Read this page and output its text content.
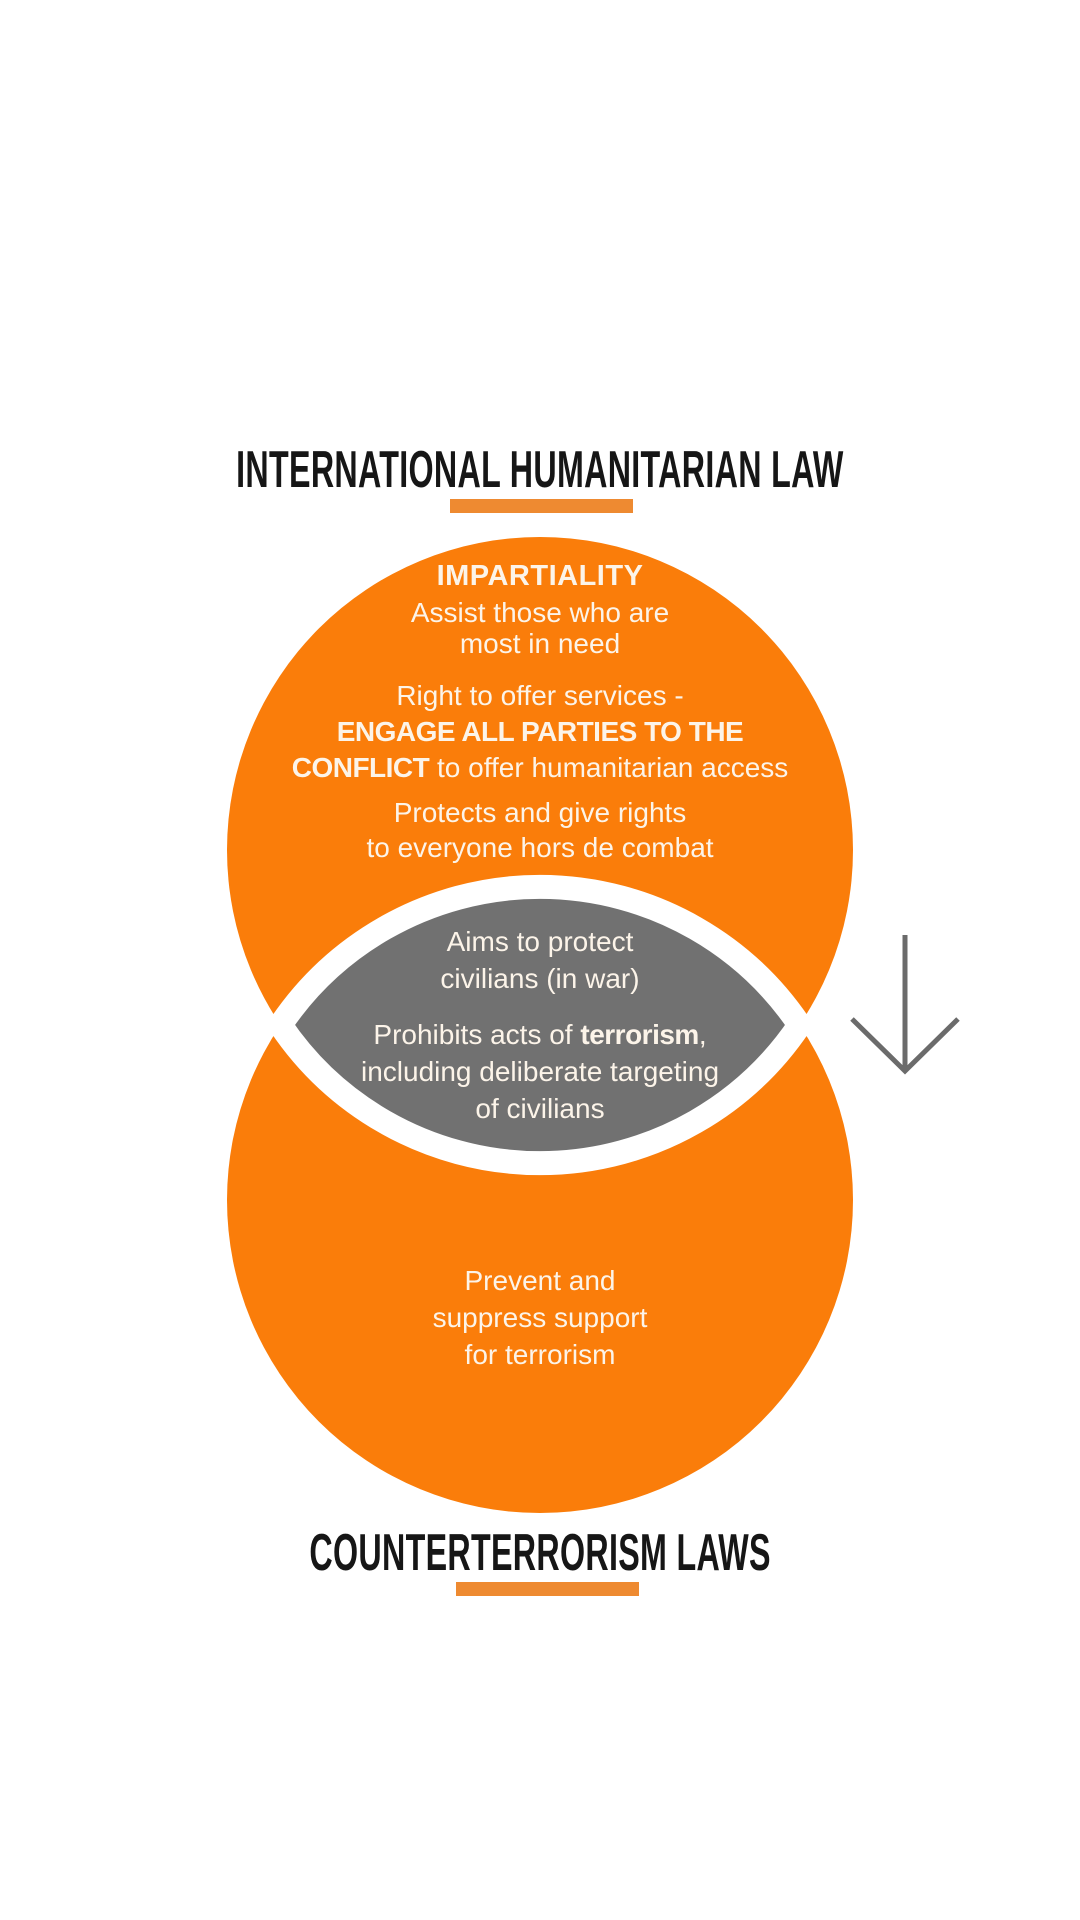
INTERNATIONAL HUMANITARIAN LAW
IMPARTIALITY
Assist those who are
most in need
Right to offer services -
ENGAGE ALL PARTIES TO THE
CONFLICT to offer humanitarian access
Protects and give rights
to everyone hors de combat
Aims to protect
civilians (in war)
Prohibits acts of terrorism,
including deliberate targeting
of civilians
Prevent and
suppress support
for terrorism
COUNTERTERRORISM LAWS
